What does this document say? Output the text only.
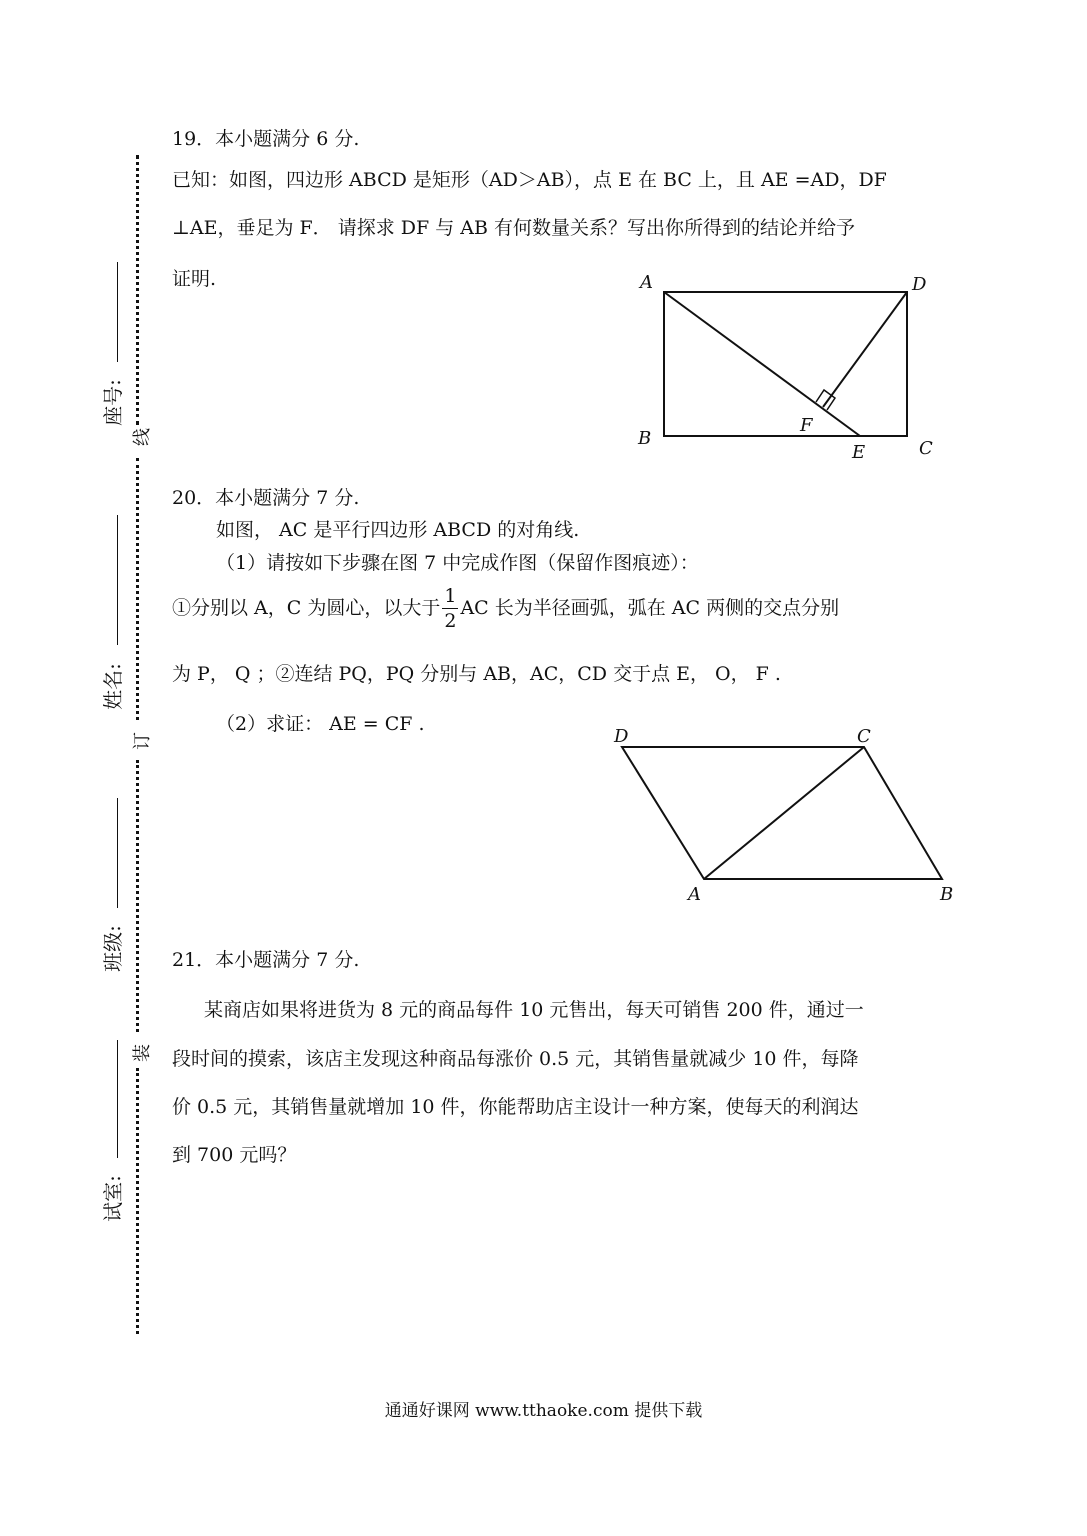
线
订
装
座号:
姓名:
班级:
试室:
19．本小题满分 6 分.
已知：如图，四边形 ABCD 是矩形（AD＞AB），点 E 在 BC 上，且 AE =AD，DF
⊥AE，垂足为 F． 请探求 DF 与 AB 有何数量关系？写出你所得到的结论并给予
证明.	A	D
B
F
E	C
20．本小题满分 7 分.
如图， AC 是平行四边形 ABCD 的对角线.
（1）请按如下步骤在图 7 中完成作图（保留作图痕迹）：
①分别以 A，C 为圆心，以大于 $\frac{1}{2}$ AC 长为半径画弧，弧在 AC 两侧的交点分别
为 P， Q ；②连结 PQ，PQ 分别与 AB，AC，CD 交于点 E， O， F .
（2）求证： AE = CF .
D	C
A	B
21．本小题满分 7 分.
某商店如果将进货为 8 元的商品每件 10 元售出，每天可销售 200 件，通过一
段时间的摸索，该店主发现这种商品每涨价 0.5 元，其销售量就减少 10 件，每降
价 0.5 元，其销售量就增加 10 件，你能帮助店主设计一种方案，使每天的利润达
到 700 元吗？
通通好课网 www.tthaoke.com 提供下载
